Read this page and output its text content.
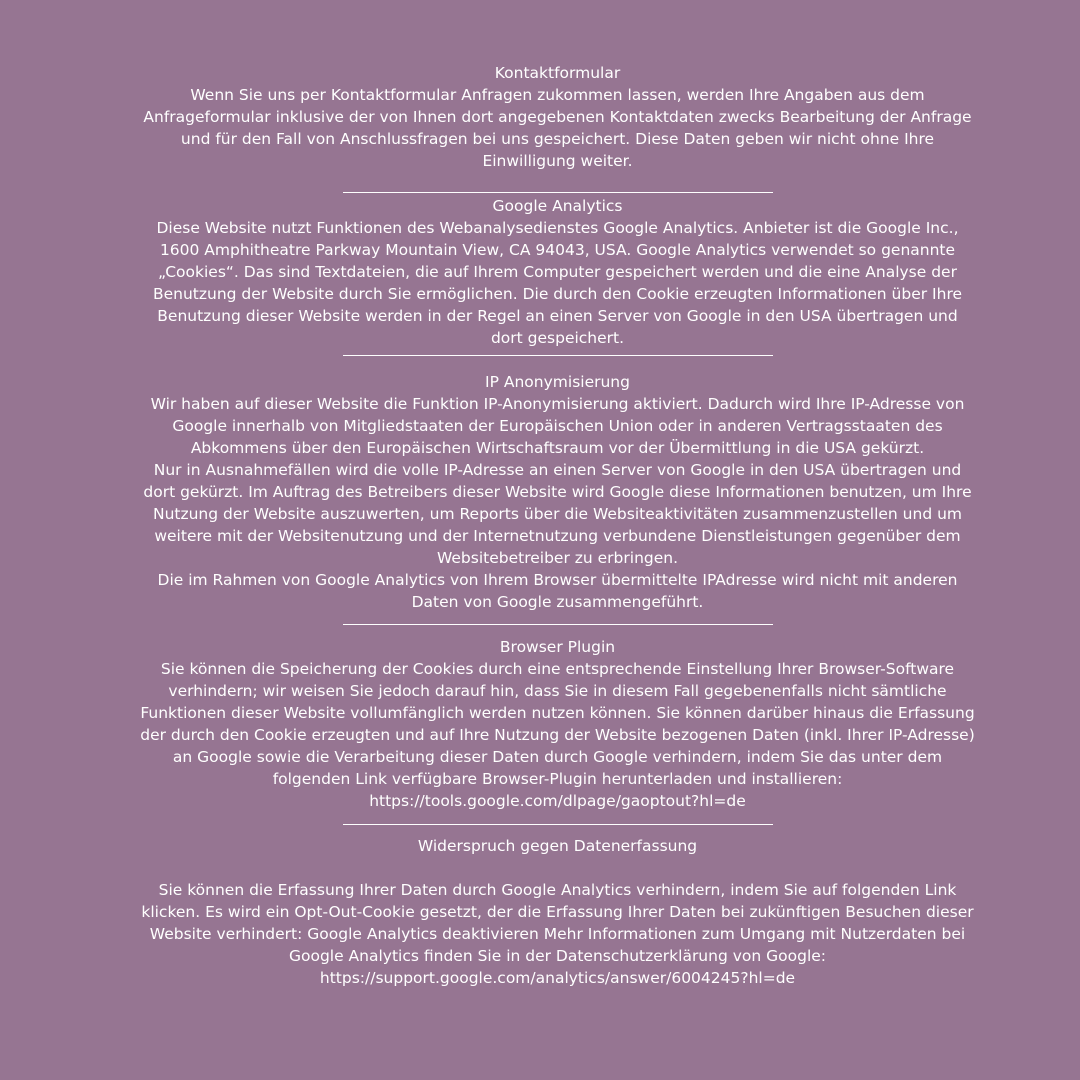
Kontaktformular

Wenn Sie uns per Kontaktformular Anfragen zukommen lassen, werden Ihre Angaben aus dem Anfrageformular inklusive der von Ihnen dort angegebenen Kontaktdaten zwecks Bearbeitung der Anfrage und für den Fall von Anschlussfragen bei uns gespeichert. Diese Daten geben wir nicht ohne Ihre Einwilligung weiter.

Google Analytics

Diese Website nutzt Funktionen des Webanalysedienstes Google Analytics. Anbieter ist die Google Inc., 1600 Amphitheatre Parkway Mountain View, CA 94043, USA. Google Analytics verwendet so genannte „Cookies“. Das sind Textdateien, die auf Ihrem Computer gespeichert werden und die eine Analyse der Benutzung der Website durch Sie ermöglichen. Die durch den Cookie erzeugten Informationen über Ihre Benutzung dieser Website werden in der Regel an einen Server von Google in den USA übertragen und dort gespeichert.

IP Anonymisierung

Wir haben auf dieser Website die Funktion IP-Anonymisierung aktiviert. Dadurch wird Ihre IP-Adresse von Google innerhalb von Mitgliedstaaten der Europäischen Union oder in anderen Vertragsstaaten des Abkommens über den Europäischen Wirtschaftsraum vor der Übermittlung in die USA gekürzt.

Nur in Ausnahmefällen wird die volle IP-Adresse an einen Server von Google in den USA übertragen und dort gekürzt. Im Auftrag des Betreibers dieser Website wird Google diese Informationen benutzen, um Ihre Nutzung der Website auszuwerten, um Reports über die Websiteaktivitäten zusammenzustellen und um weitere mit der Websitenutzung und der Internetnutzung verbundene Dienstleistungen gegenüber dem Websitebetreiber zu erbringen.

Die im Rahmen von Google Analytics von Ihrem Browser übermittelte IPAdresse wird nicht mit anderen Daten von Google zusammengeführt.

Browser Plugin

Sie können die Speicherung der Cookies durch eine entsprechende Einstellung Ihrer Browser-Software verhindern; wir weisen Sie jedoch darauf hin, dass Sie in diesem Fall gegebenenfalls nicht sämtliche Funktionen dieser Website vollumfänglich werden nutzen können. Sie können darüber hinaus die Erfassung der durch den Cookie erzeugten und auf Ihre Nutzung der Website bezogenen Daten (inkl. Ihrer IP-Adresse) an Google sowie die Verarbeitung dieser Daten durch Google verhindern, indem Sie das unter dem folgenden Link verfügbare Browser-Plugin herunterladen und installieren:

https://tools.google.com/dlpage/gaoptout?hl=de

Widerspruch gegen Datenerfassung

Sie können die Erfassung Ihrer Daten durch Google Analytics verhindern, indem Sie auf folgenden Link klicken. Es wird ein Opt-Out-Cookie gesetzt, der die Erfassung Ihrer Daten bei zukünftigen Besuchen dieser Website verhindert: Google Analytics deaktivieren Mehr Informationen zum Umgang mit Nutzerdaten bei Google Analytics finden Sie in der Datenschutzerklärung von Google:

https://support.google.com/analytics/answer/6004245?hl=de
